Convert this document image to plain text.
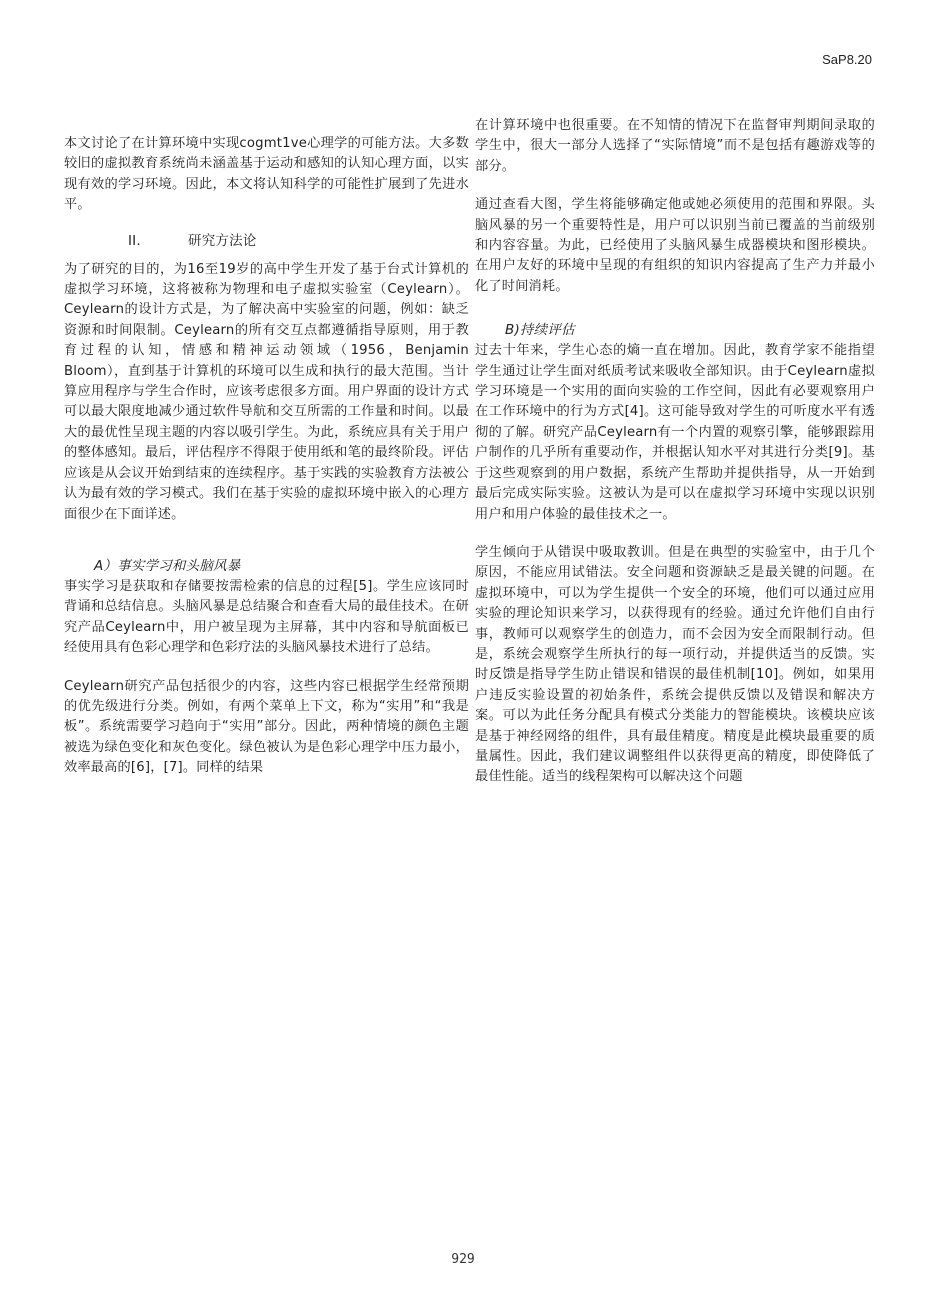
SaP8.20

本文讨论了在计算环境中实现cogmt1ve心理学的可能方法。大多数较旧的虚拟教育系统尚未涵盖基于运动和感知的认知心理方面，以实现有效的学习环境。因此，本文将认知科学的可能性扩展到了先进水平。

II.	研究方法论

为了研究的目的，为16至19岁的高中学生开发了基于台式计算机的虚拟学习环境，这将被称为物理和电子虚拟实验室（Ceylearn）。Ceylearn的设计方式是，为了解决高中实验室的问题，例如：缺乏资源和时间限制。Ceylearn的所有交互点都遵循指导原则，用于教育过程的认知，情感和精神运动领域（1956，Benjamin Bloom），直到基于计算机的环境可以生成和执行的最大范围。当计算应用程序与学生合作时，应该考虑很多方面。用户界面的设计方式可以最大限度地减少通过软件导航和交互所需的工作量和时间。以最大的最优性呈现主题的内容以吸引学生。为此，系统应具有关于用户的整体感知。最后，评估程序不得限于使用纸和笔的最终阶段。评估应该是从会议开始到结束的连续程序。基于实践的实验教育方法被公认为最有效的学习模式。我们在基于实验的虚拟环境中嵌入的心理方面很少在下面详述。

A）事实学习和头脑风暴

事实学习是获取和存储要按需检索的信息的过程[5]。学生应该同时背诵和总结信息。头脑风暴是总结聚合和查看大局的最佳技术。在研究产品Ceylearn中，用户被呈现为主屏幕，其中内容和导航面板已经使用具有色彩心理学和色彩疗法的头脑风暴技术进行了总结。

Ceylearn研究产品包括很少的内容，这些内容已根据学生经常预期的优先级进行分类。例如，有两个菜单上下文，称为“实用”和“我是板”。系统需要学习趋向于“实用”部分。因此，两种情境的颜色主题被选为绿色变化和灰色变化。绿色被认为是色彩心理学中压力最小，效率最高的[6]，[7]。同样的结果

在计算环境中也很重要。在不知情的情况下在监督审判期间录取的学生中，很大一部分人选择了“实际情境”而不是包括有趣游戏等的部分。

通过查看大图，学生将能够确定他或她必须使用的范围和界限。头脑风暴的另一个重要特性是，用户可以识别当前已覆盖的当前级别和内容容量。为此，已经使用了头脑风暴生成器模块和图形模块。在用户友好的环境中呈现的有组织的知识内容提高了生产力并最小化了时间消耗。

B)持续评估

过去十年来，学生心态的熵一直在增加。因此，教育学家不能指望学生通过让学生面对纸质考试来吸收全部知识。由于Ceylearn虚拟学习环境是一个实用的面向实验的工作空间，因此有必要观察用户在工作环境中的行为方式[4]。这可能导致对学生的可听度水平有透彻的了解。研究产品Ceylearn有一个内置的观察引擎，能够跟踪用户制作的几乎所有重要动作，并根据认知水平对其进行分类[9]。基于这些观察到的用户数据，系统产生帮助并提供指导，从一开始到最后完成实际实验。这被认为是可以在虚拟学习环境中实现以识别用户和用户体验的最佳技术之一。

学生倾向于从错误中吸取教训。但是在典型的实验室中，由于几个原因，不能应用试错法。安全问题和资源缺乏是最关键的问题。在虚拟环境中，可以为学生提供一个安全的环境，他们可以通过应用实验的理论知识来学习，以获得现有的经验。通过允许他们自由行事，教师可以观察学生的创造力，而不会因为安全而限制行动。但是，系统会观察学生所执行的每一项行动，并提供适当的反馈。实时反馈是指导学生防止错误和错误的最佳机制[10]。例如，如果用户违反实验设置的初始条件，系统会提供反馈以及错误和解决方案。可以为此任务分配具有模式分类能力的智能模块。该模块应该是基于神经网络的组件，具有最佳精度。精度是此模块最重要的质量属性。因此，我们建议调整组件以获得更高的精度，即使降低了最佳性能。适当的线程架构可以解决这个问题

929
